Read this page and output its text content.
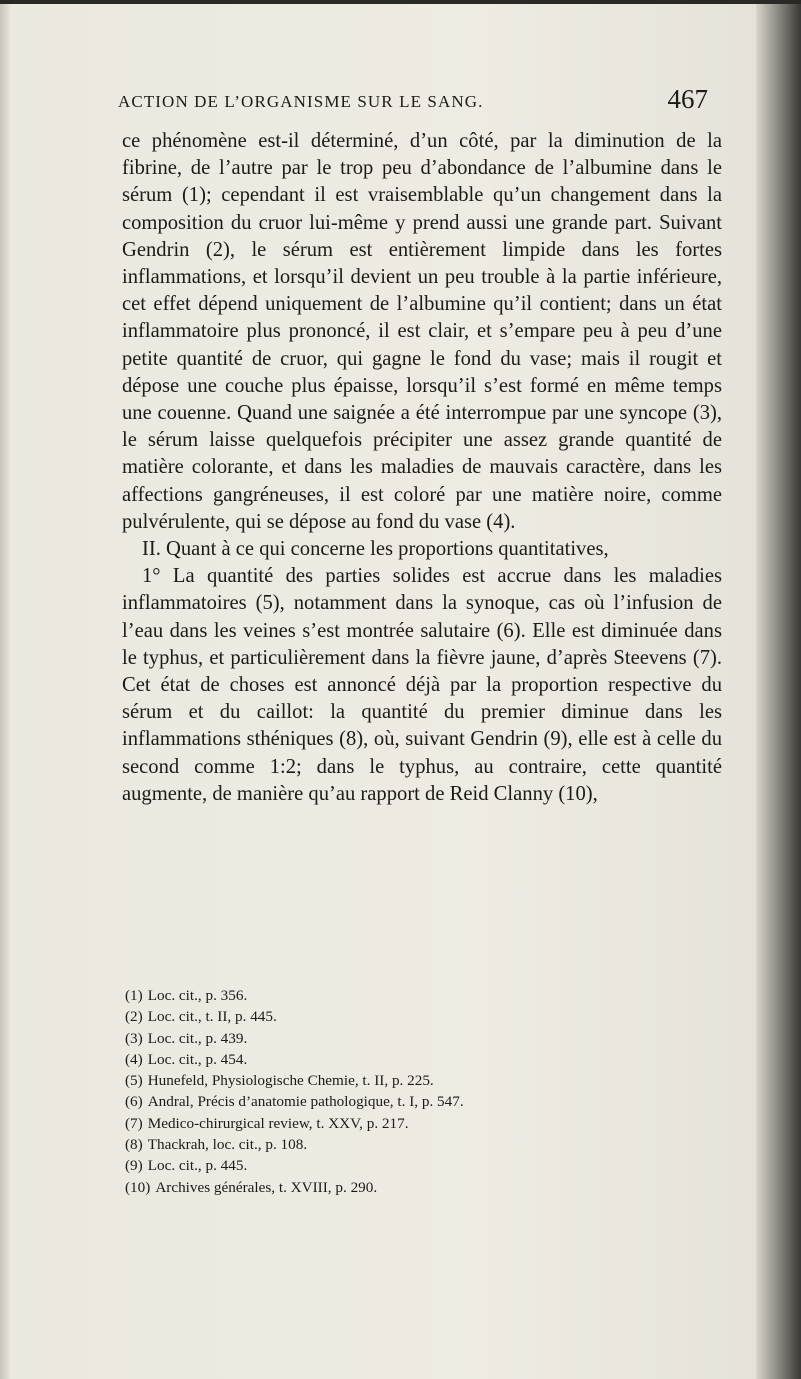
ACTION DE L’ORGANISME SUR LE SANG.	467

ce phénomène est-il déterminé, d’un côté, par la diminution de la fibrine, de l’autre par le trop peu d’abondance de l’albumine dans le sérum (1); cependant il est vraisemblable qu’un changement dans la composition du cruor lui-même y prend aussi une grande part. Suivant Gendrin (2), le sérum est entièrement limpide dans les fortes inflammations, et lorsqu’il devient un peu trouble à la partie inférieure, cet effet dépend uniquement de l’albumine qu’il contient; dans un état inflammatoire plus prononcé, il est clair, et s’empare peu à peu d’une petite quantité de cruor, qui gagne le fond du vase; mais il rougit et dépose une couche plus épaisse, lorsqu’il s’est formé en même temps une couenne. Quand une saignée a été interrompue par une syncope (3), le sérum laisse quelquefois précipiter une assez grande quantité de matière colorante, et dans les maladies de mauvais caractère, dans les affections gangréneuses, il est coloré par une matière noire, comme pulvérulente, qui se dépose au fond du vase (4).

II. Quant à ce qui concerne les proportions quantitatives,

1° La quantité des parties solides est accrue dans les maladies inflammatoires (5), notamment dans la synoque, cas où l’infusion de l’eau dans les veines s’est montrée salutaire (6). Elle est diminuée dans le typhus, et particulièrement dans la fièvre jaune, d’après Steevens (7). Cet état de choses est annoncé déjà par la proportion respective du sérum et du caillot: la quantité du premier diminue dans les inflammations sthéniques (8), où, suivant Gendrin (9), elle est à celle du second comme 1:2; dans le typhus, au contraire, cette quantité augmente, de manière qu’au rapport de Reid Clanny (10),

(1) Loc. cit., p. 356.
(2) Loc. cit., t. II, p. 445.
(3) Loc. cit., p. 439.
(4) Loc. cit., p. 454.
(5) Hunefeld, Physiologische Chemie, t. II, p. 225.
(6) Andral, Précis d’anatomie pathologique, t. I, p. 547.
(7) Medico-chirurgical review, t. XXV, p. 217.
(8) Thackrah, loc. cit., p. 108.
(9) Loc. cit., p. 445.
(10) Archives générales, t. XVIII, p. 290.
